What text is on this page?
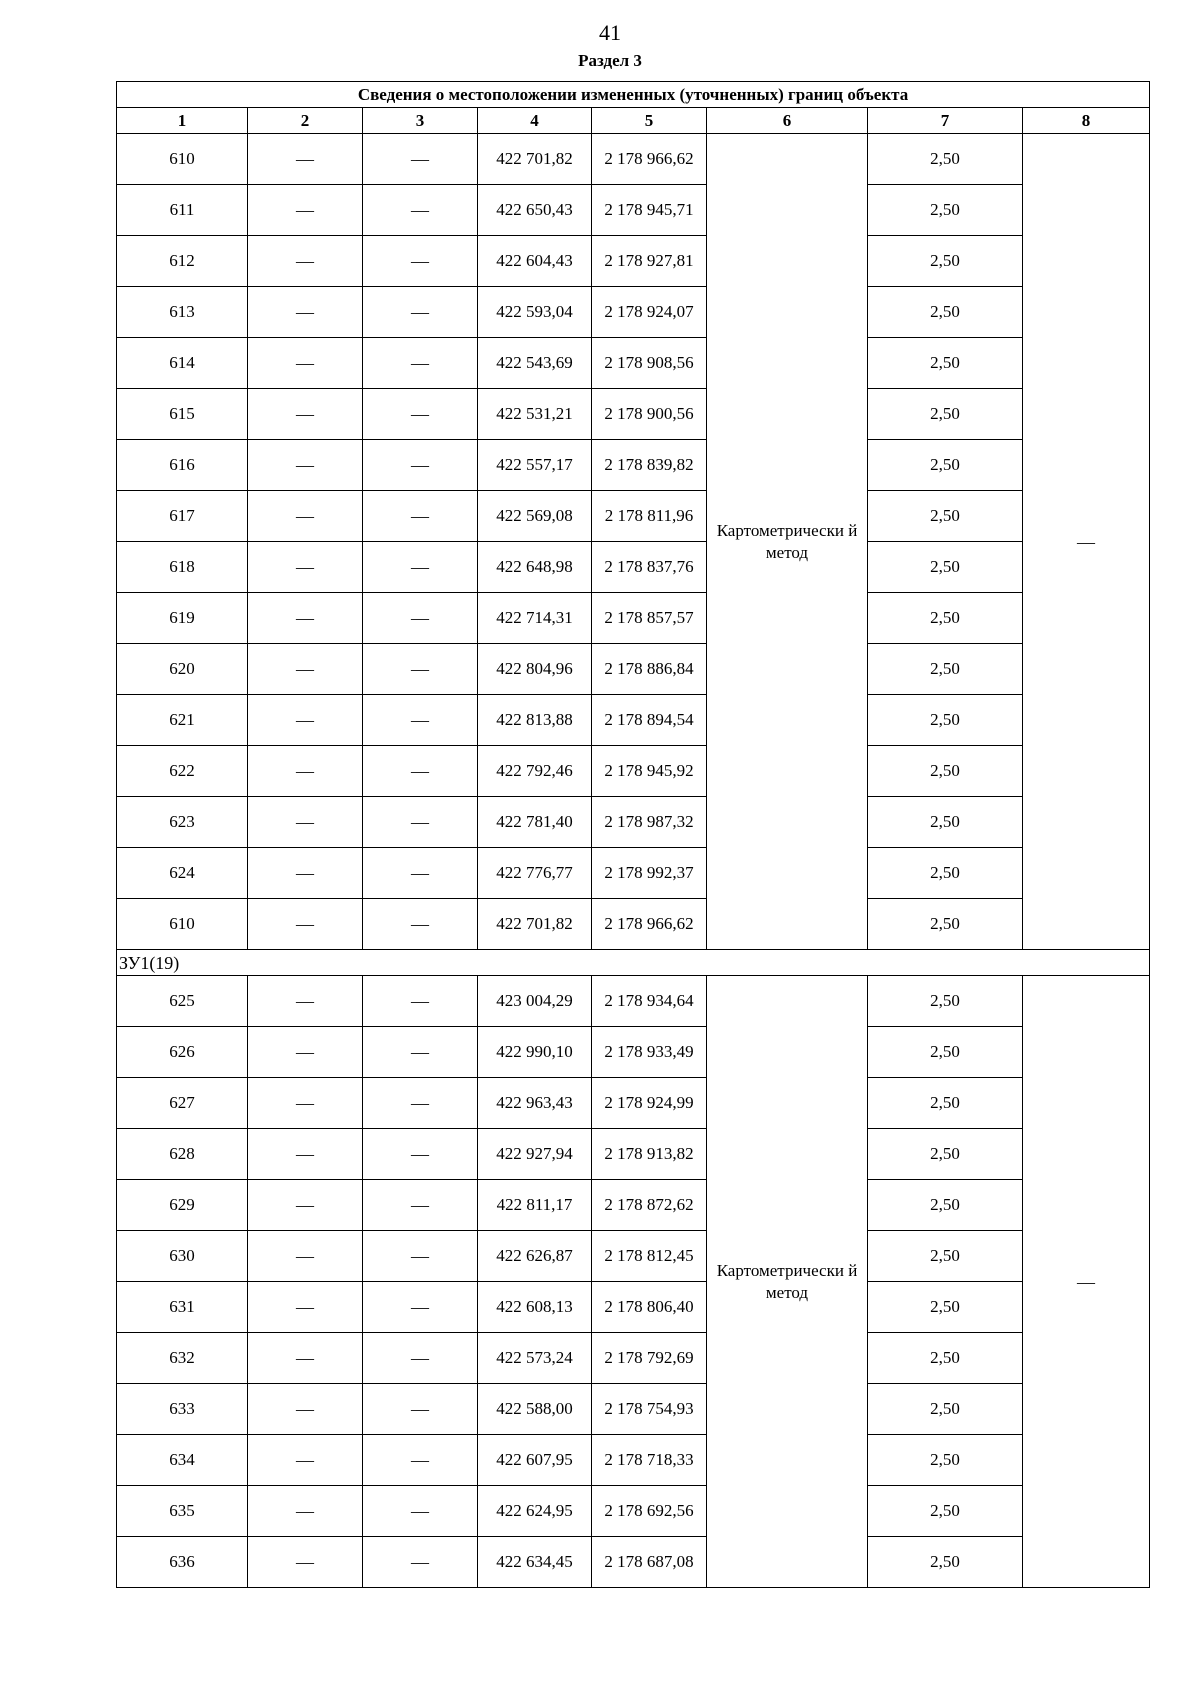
41
Раздел 3
Сведения о местоположении измененных (уточненных) границ объекта							
1	2	3	4	5	6	7	8
610	—	—	422 701,82	2 178 966,62	Картометрически й метод	2,50	—
611	—	—	422 650,43	2 178 945,71		2,50	
612	—	—	422 604,43	2 178 927,81		2,50	
613	—	—	422 593,04	2 178 924,07		2,50	
614	—	—	422 543,69	2 178 908,56		2,50	
615	—	—	422 531,21	2 178 900,56		2,50	
616	—	—	422 557,17	2 178 839,82		2,50	
617	—	—	422 569,08	2 178 811,96		2,50	
618	—	—	422 648,98	2 178 837,76		2,50	
619	—	—	422 714,31	2 178 857,57		2,50	
620	—	—	422 804,96	2 178 886,84		2,50	
621	—	—	422 813,88	2 178 894,54		2,50	
622	—	—	422 792,46	2 178 945,92		2,50	
623	—	—	422 781,40	2 178 987,32		2,50	
624	—	—	422 776,77	2 178 992,37		2,50	
610	—	—	422 701,82	2 178 966,62		2,50	
ЗУ1(19)							
625	—	—	423 004,29	2 178 934,64	Картометрически й метод	2,50	—
626	—	—	422 990,10	2 178 933,49		2,50	
627	—	—	422 963,43	2 178 924,99		2,50	
628	—	—	422 927,94	2 178 913,82		2,50	
629	—	—	422 811,17	2 178 872,62		2,50	
630	—	—	422 626,87	2 178 812,45		2,50	
631	—	—	422 608,13	2 178 806,40		2,50	
632	—	—	422 573,24	2 178 792,69		2,50	
633	—	—	422 588,00	2 178 754,93		2,50	
634	—	—	422 607,95	2 178 718,33		2,50	
635	—	—	422 624,95	2 178 692,56		2,50	
636	—	—	422 634,45	2 178 687,08		2,50	
